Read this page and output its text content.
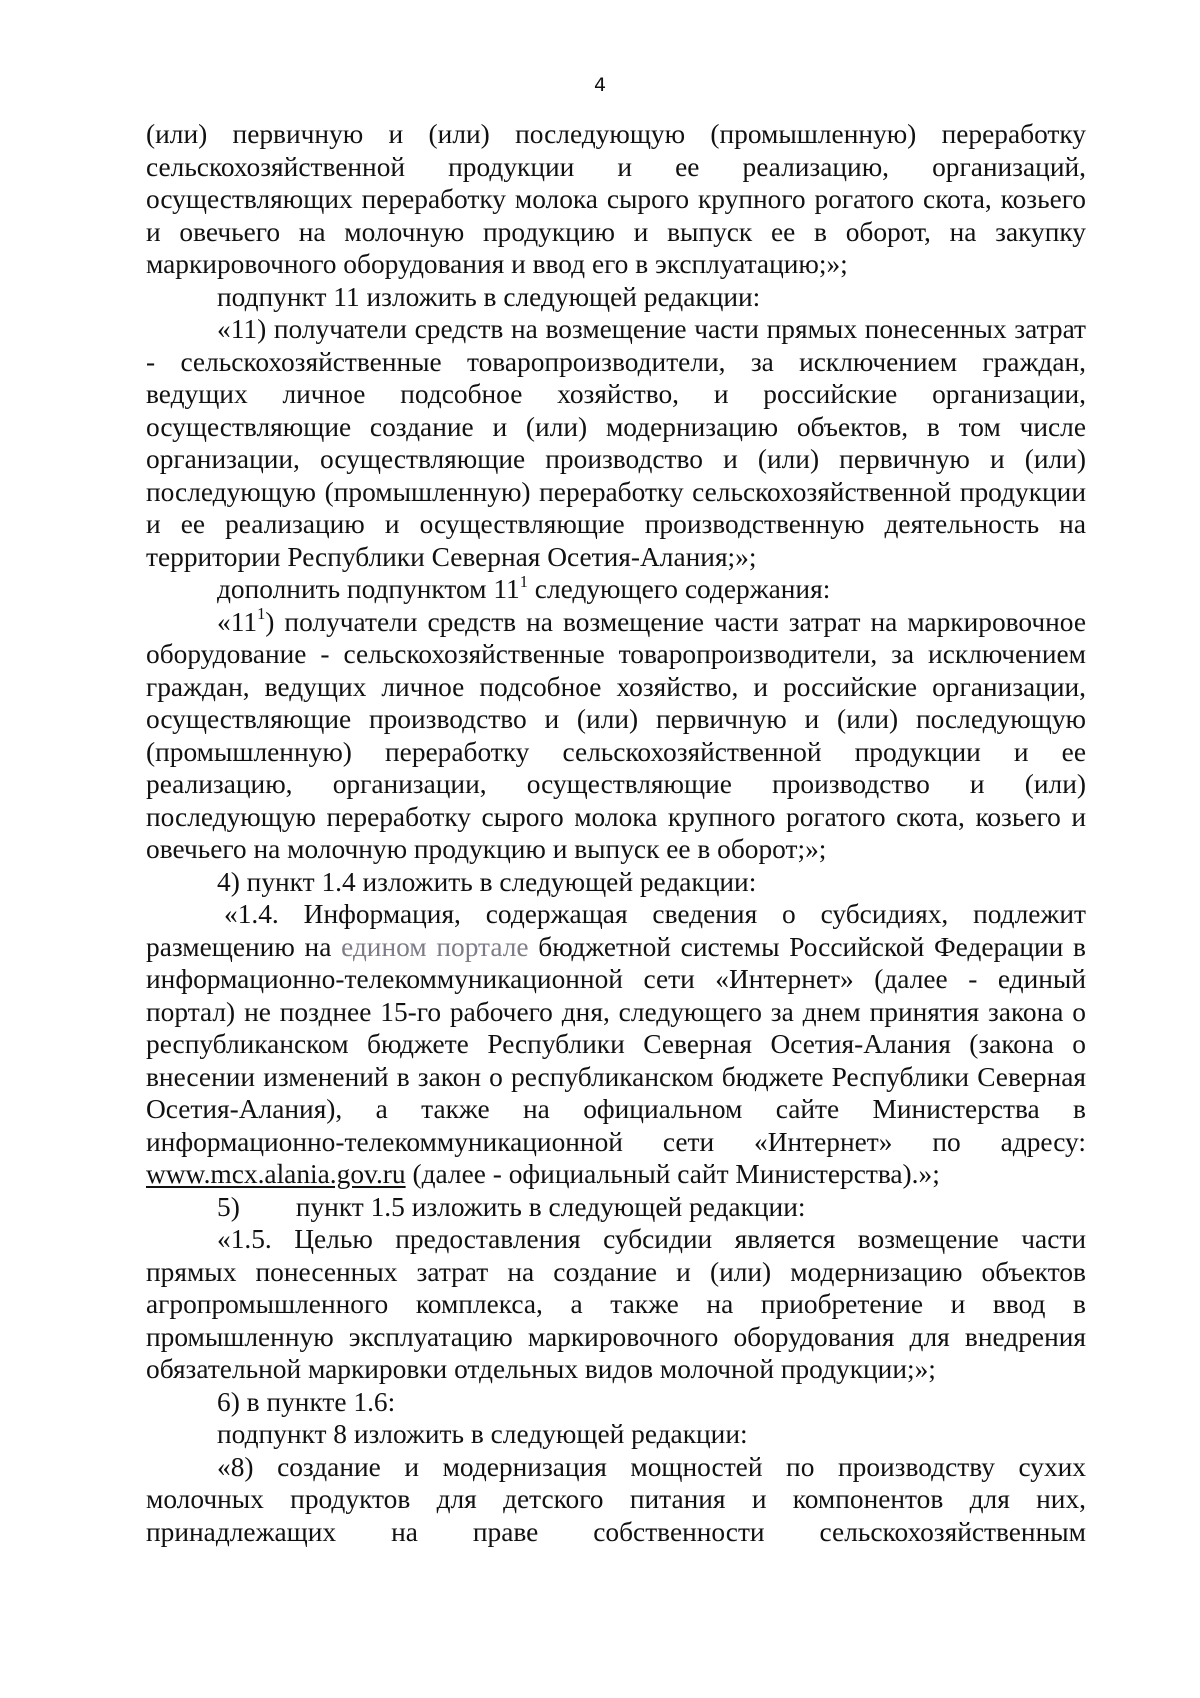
4

(или) первичную и (или) последующую (промышленную) переработку сельскохозяйственной продукции и ее реализацию, организаций, осуществляющих переработку молока сырого крупного рогатого скота, козьего и овечьего на молочную продукцию и выпуск ее в оборот, на закупку маркировочного оборудования и ввод его в эксплуатацию;»;

подпункт 11 изложить в следующей редакции:

«11) получатели средств на возмещение части прямых понесенных затрат - сельскохозяйственные товаропроизводители, за исключением граждан, ведущих личное подсобное хозяйство, и российские организации, осуществляющие создание и (или) модернизацию объектов, в том числе организации, осуществляющие производство и (или) первичную и (или) последующую (промышленную) переработку сельскохозяйственной продукции и ее реализацию и осуществляющие производственную деятельность на территории Республики Северная Осетия-Алания;»;

дополнить подпунктом $11^1$ следующего содержания:

«$11^1$) получатели средств на возмещение части затрат на маркировочное оборудование - сельскохозяйственные товаропроизводители, за исключением граждан, ведущих личное подсобное хозяйство, и российские организации, осуществляющие производство и (или) первичную и (или) последующую (промышленную) переработку сельскохозяйственной продукции и ее реализацию, организации, осуществляющие производство и (или) последующую переработку сырого молока крупного рогатого скота, козьего и овечьего на молочную продукцию и выпуск ее в оборот;»;

4) пункт 1.4 изложить в следующей редакции:

«1.4. Информация, содержащая сведения о субсидиях, подлежит размещению на едином портале бюджетной системы Российской Федерации в информационно-телекоммуникационной сети «Интернет» (далее - единый портал) не позднее 15-го рабочего дня, следующего за днем принятия закона о республиканском бюджете Республики Северная Осетия-Алания (закона о внесении изменений в закон о республиканском бюджете Республики Северная Осетия-Алания), а также на официальном сайте Министерства в информационно-телекоммуникационной сети «Интернет» по адресу: www.mcx.alania.gov.ru (далее - официальный сайт Министерства).»;

5) пункт 1.5 изложить в следующей редакции:

«1.5. Целью предоставления субсидии является возмещение части прямых понесенных затрат на создание и (или) модернизацию объектов агропромышленного комплекса, а также на приобретение и ввод в промышленную эксплуатацию маркировочного оборудования для внедрения обязательной маркировки отдельных видов молочной продукции;»;

6) в пункте 1.6:

подпункт 8 изложить в следующей редакции:

«8) создание и модернизация мощностей по производству сухих молочных продуктов для детского питания и компонентов для них, принадлежащих на праве собственности сельскохозяйственным
